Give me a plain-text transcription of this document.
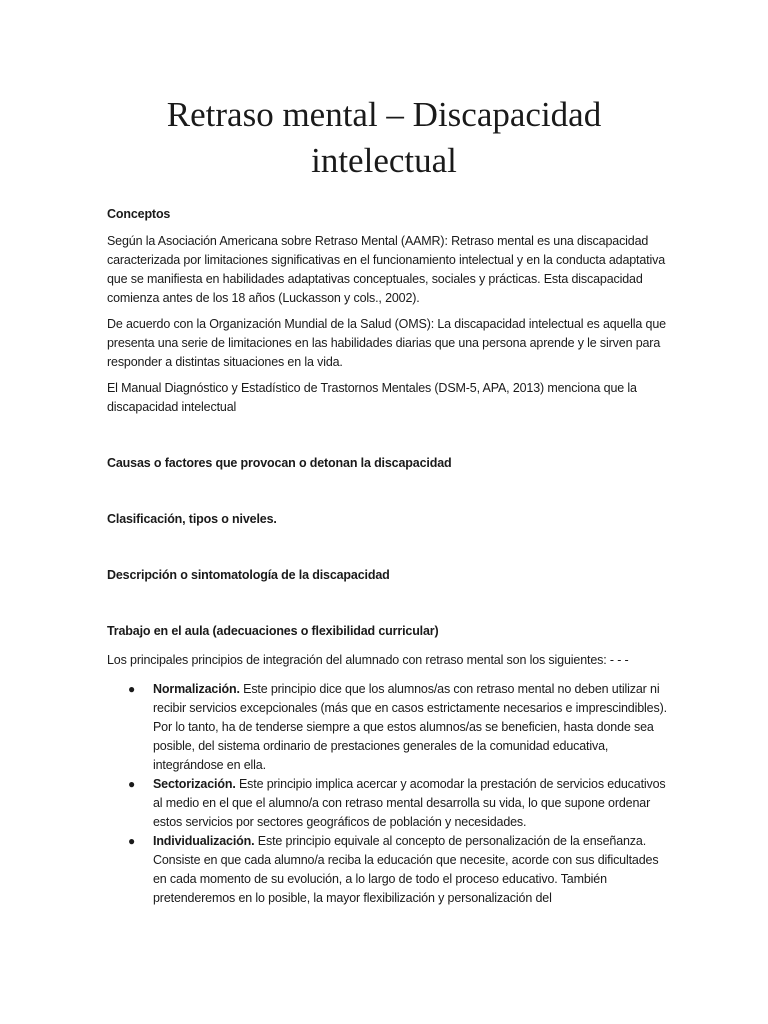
Retraso mental – Discapacidad
intelectual

Conceptos

Según la Asociación Americana sobre Retraso Mental (AAMR): Retraso mental es una discapacidad caracterizada por limitaciones significativas en el funcionamiento intelectual y en la conducta adaptativa que se manifiesta en habilidades adaptativas conceptuales, sociales y prácticas. Esta discapacidad comienza antes de los 18 años (Luckasson y cols., 2002).

De acuerdo con la Organización Mundial de la Salud (OMS): La discapacidad intelectual es aquella que presenta una serie de limitaciones en las habilidades diarias que una persona aprende y le sirven para responder a distintas situaciones en la vida.

El Manual Diagnóstico y Estadístico de Trastornos Mentales (DSM-5, APA, 2013) menciona que la discapacidad intelectual

Causas o factores que provocan o detonan la discapacidad

Clasificación, tipos o niveles.

Descripción o sintomatología de la discapacidad

Trabajo en el aula (adecuaciones o flexibilidad curricular)

Los principales principios de integración del alumnado con retraso mental son los siguientes: - - -

● Normalización. Este principio dice que los alumnos/as con retraso mental no deben utilizar ni recibir servicios excepcionales (más que en casos estrictamente necesarios e imprescindibles). Por lo tanto, ha de tenderse siempre a que estos alumnos/as se beneficien, hasta donde sea posible, del sistema ordinario de prestaciones generales de la comunidad educativa, integrándose en ella.
● Sectorización. Este principio implica acercar y acomodar la prestación de servicios educativos al medio en el que el alumno/a con retraso mental desarrolla su vida, lo que supone ordenar estos servicios por sectores geográficos de población y necesidades.
● Individualización. Este principio equivale al concepto de personalización de la enseñanza. Consiste en que cada alumno/a reciba la educación que necesite, acorde con sus dificultades en cada momento de su evolución, a lo largo de todo el proceso educativo. También pretenderemos en lo posible, la mayor flexibilización y personalización del
